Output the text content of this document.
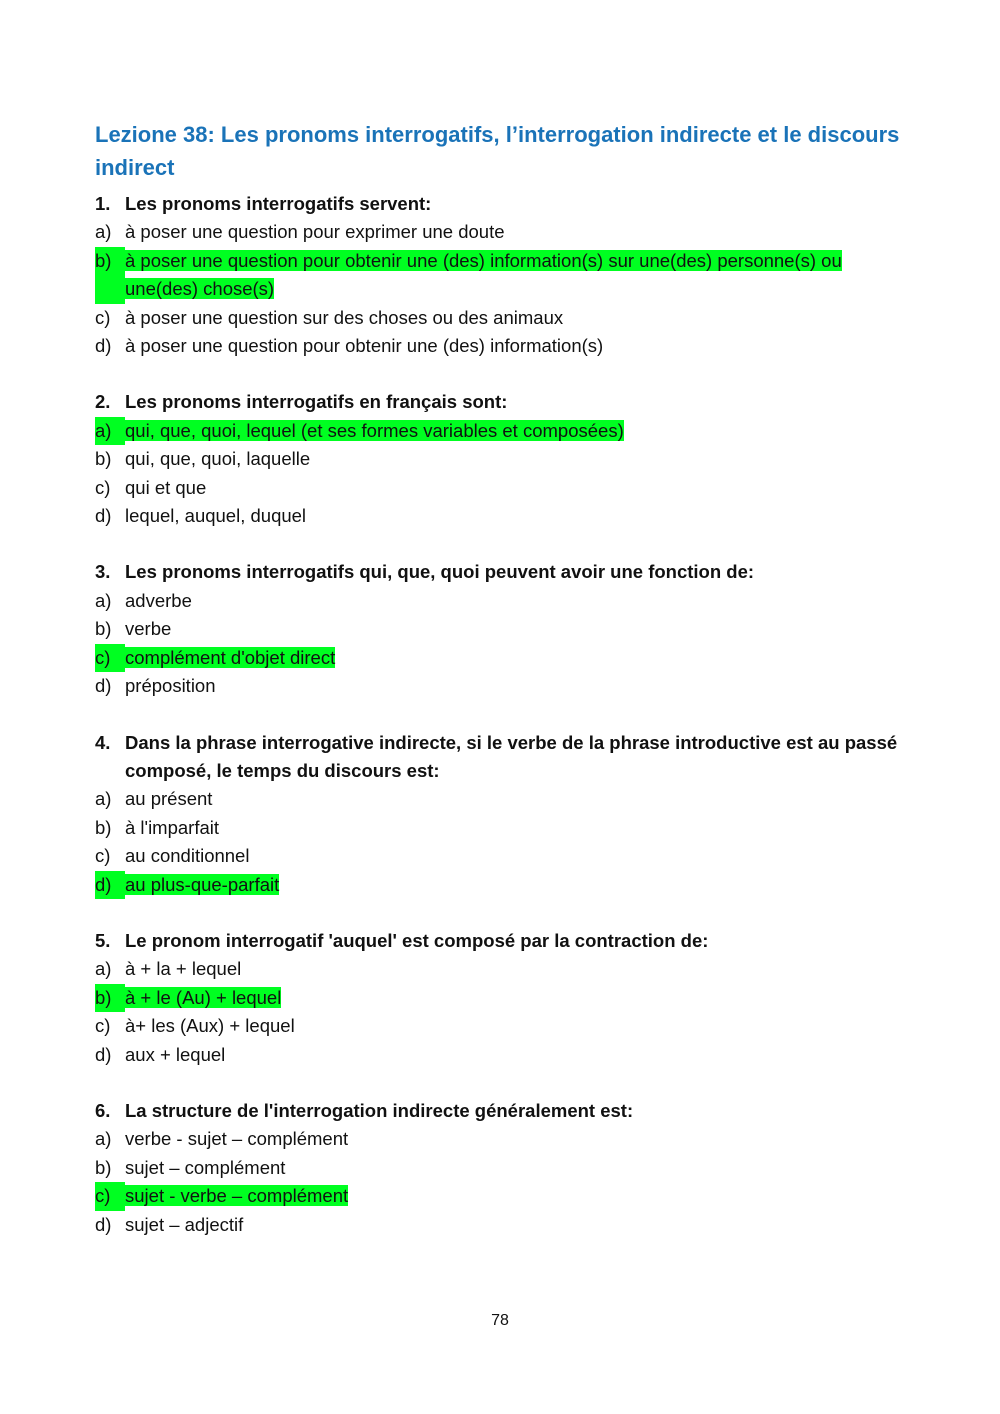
Lezione 38: Les pronoms interrogatifs, l’interrogation indirecte et le discours indirect
1. Les pronoms interrogatifs servent:
a) à poser une question pour exprimer une doute
b) à poser une question pour obtenir une (des) information(s) sur une(des) personne(s) ou une(des) chose(s)
c) à poser une question sur des choses ou des animaux
d) à poser une question pour obtenir une (des) information(s)
2. Les pronoms interrogatifs en français sont:
a) qui, que, quoi, lequel (et ses formes variables et composées)
b) qui, que, quoi, laquelle
c) qui et que
d) lequel, auquel, duquel
3. Les pronoms interrogatifs qui, que, quoi peuvent avoir une fonction de:
a) adverbe
b) verbe
c) complément d'objet direct
d) préposition
4. Dans la phrase interrogative indirecte, si le verbe de la phrase introductive est au passé composé, le temps du discours est:
a) au présent
b) à l'imparfait
c) au conditionnel
d) au plus-que-parfait
5. Le pronom interrogatif 'auquel' est composé par la contraction de:
a) à + la + lequel
b) à + le (Au) + lequel
c) à+ les (Aux) + lequel
d) aux + lequel
6. La structure de l'interrogation indirecte généralement est:
a) verbe - sujet – complément
b) sujet – complément
c) sujet - verbe – complément
d) sujet – adjectif
78
